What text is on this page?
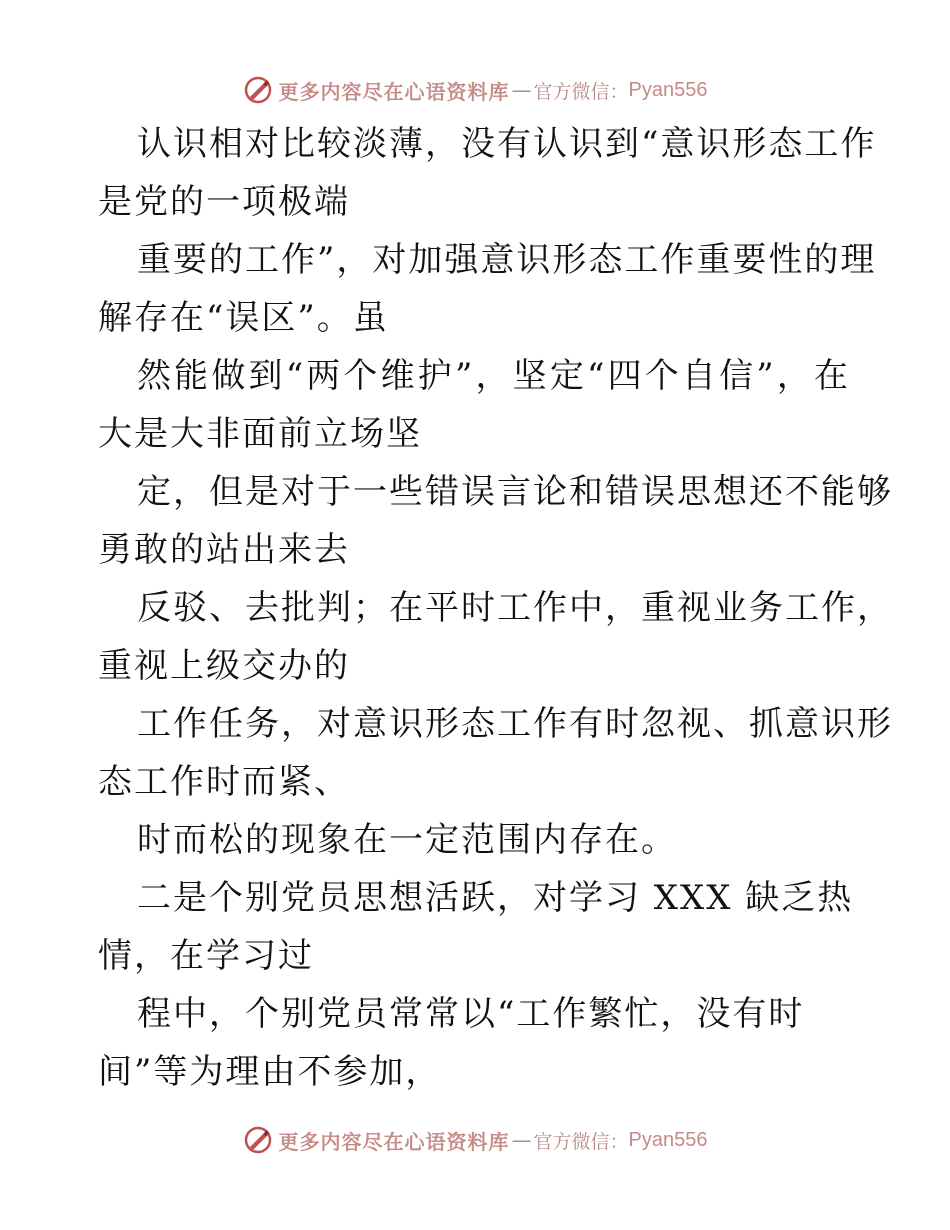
更多内容尽在心语资料库 — 官方微信： Pyan556
认识相对比较淡薄，没有认识到“意识形态工作
是党的一项极端
重要的工作”，对加强意识形态工作重要性的理
解存在“误区”。虽
然能做到“两个维护”，坚定“四个自信”，在
大是大非面前立场坚
定，但是对于一些错误言论和错误思想还不能够
勇敢的站出来去
反驳、去批判；在平时工作中，重视业务工作，
重视上级交办的
工作任务，对意识形态工作有时忽视、抓意识形
态工作时而紧、
时而松的现象在一定范围内存在。
二是个别党员思想活跃，对学习 XXX 缺乏热
情，在学习过
程中，个别党员常常以“工作繁忙，没有时
间”等为理由不参加，
更多内容尽在心语资料库 — 官方微信： Pyan556
